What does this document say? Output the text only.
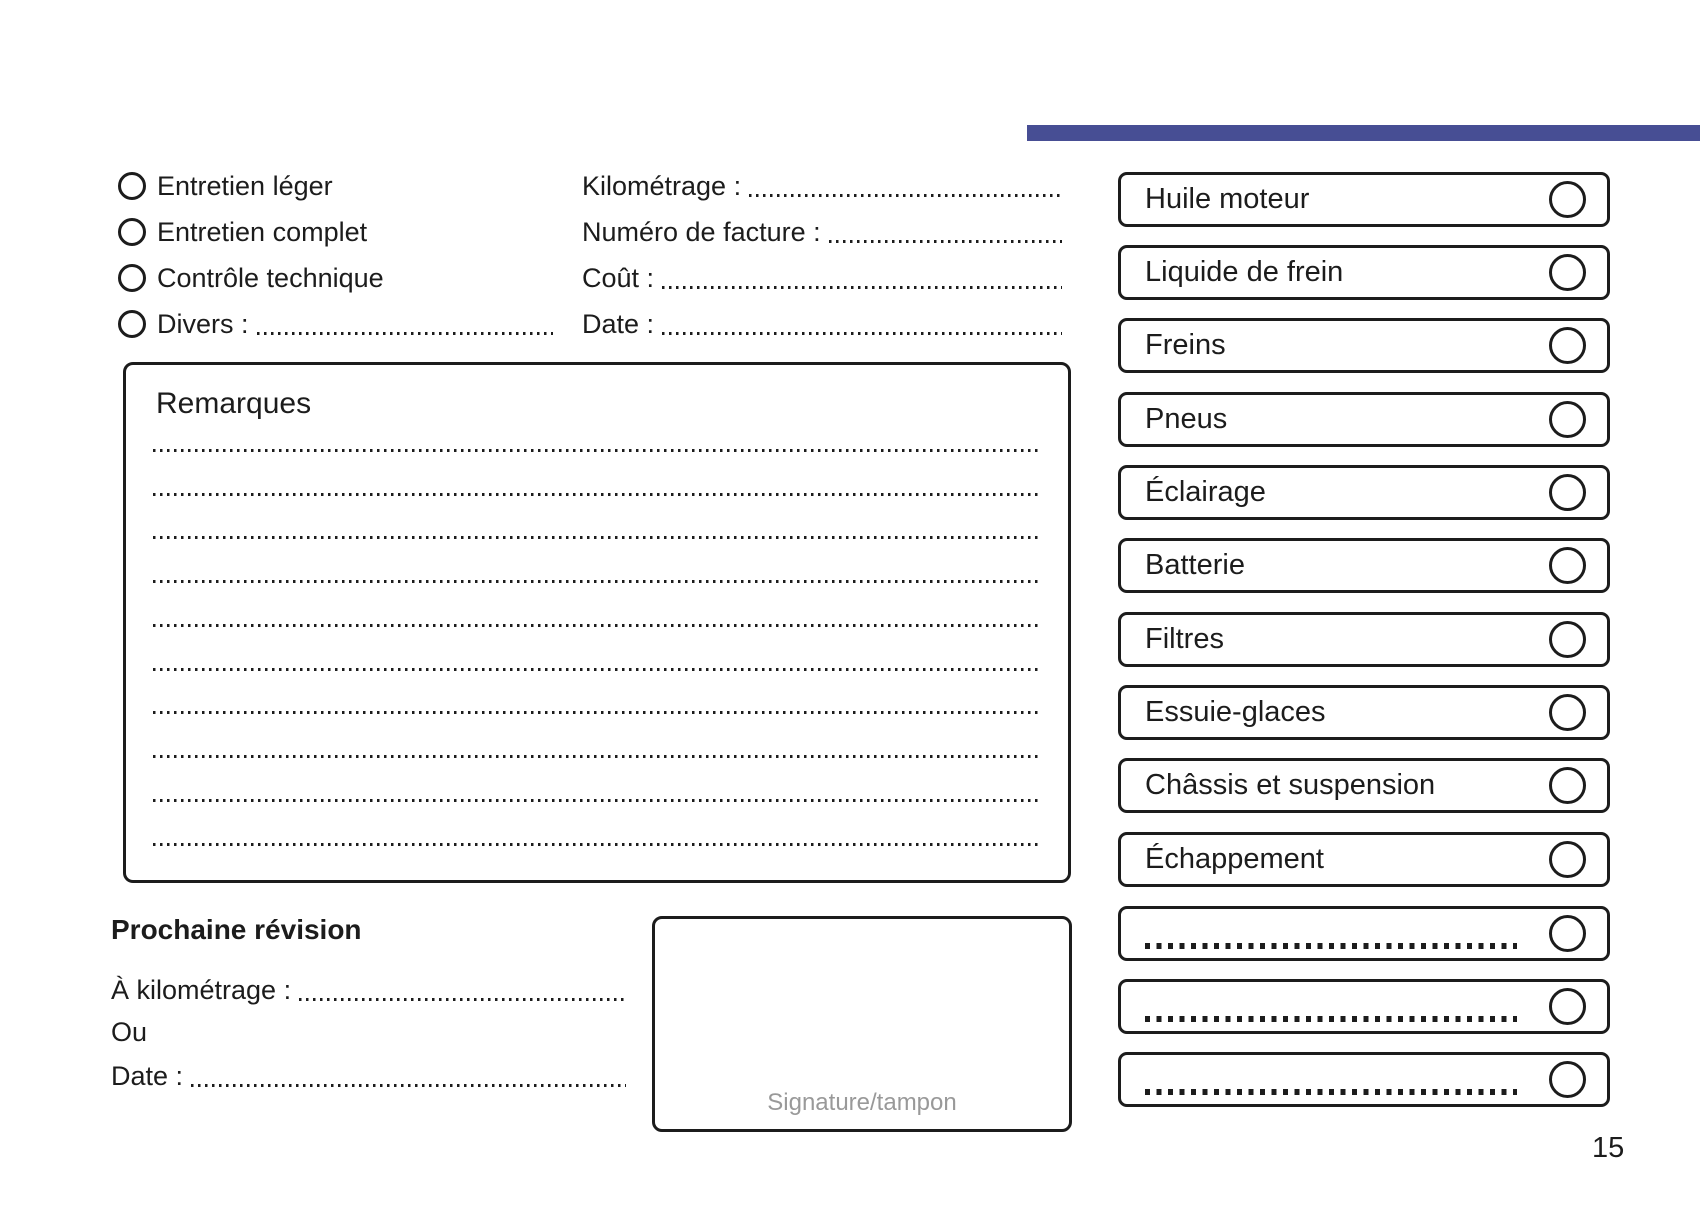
Entretien léger
Entretien complet
Contrôle technique
Divers :
Kilométrage :
Numéro de facture :
Coût :
Date :
Remarques
Prochaine révision
À kilométrage :
Ou
Date :
Signature/tampon
Huile moteur
Liquide de frein
Freins
Pneus
Éclairage
Batterie
Filtres
Essuie-glaces
Châssis et suspension
Échappement
15
